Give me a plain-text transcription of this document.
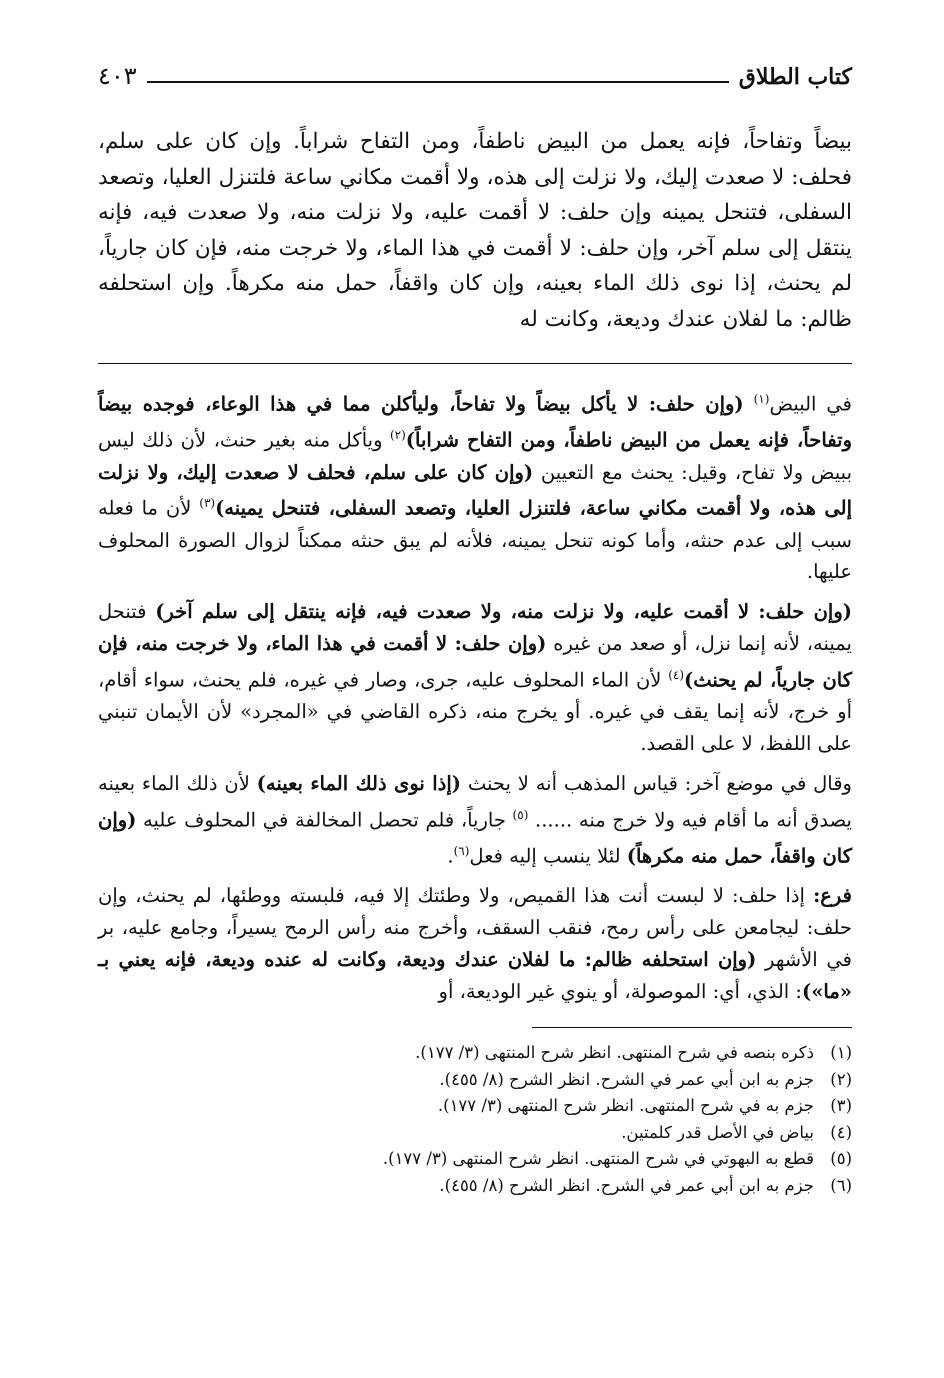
كتاب الطلاق
٤٠٣

بيضاً وتفاحاً، فإنه يعمل من البيض ناطفاً، ومن التفاح شراباً. وإن كان على سلم، فحلف: لا صعدت إليك، ولا نزلت إلى هذه، ولا أقمت مكاني ساعة فلتنزل العليا، وتصعد السفلى، فتنحل يمينه وإن حلف: لا أقمت عليه، ولا نزلت منه، ولا صعدت فيه، فإنه ينتقل إلى سلم آخر، وإن حلف: لا أقمت في هذا الماء، ولا خرجت منه، فإن كان جارياً، لم يحنث، إذا نوى ذلك الماء بعينه، وإن كان واقفاً، حمل منه مكرهاً. وإن استحلفه ظالم: ما لفلان عندك وديعة، وكانت له

في البيض$^{(١)}$ (وإن حلف: لا يأكل بيضاً ولا تفاحاً، وليأكلن مما في هذا الوعاء، فوجده بيضاً وتفاحاً، فإنه يعمل من البيض ناطفاً، ومن التفاح شراباً)$^{(٢)}$ ويأكل منه بغير حنث، لأن ذلك ليس ببيض ولا تفاح، وقيل: يحنث مع التعيين (وإن كان على سلم، فحلف لا صعدت إليك، ولا نزلت إلى هذه، ولا أقمت مكاني ساعة، فلتنزل العليا، وتصعد السفلى، فتنحل يمينه)$^{(٣)}$ لأن ما فعله سبب إلى عدم حنثه، وأما كونه تنحل يمينه، فلأنه لم يبق حنثه ممكناً لزوال الصورة المحلوف عليها.

(وإن حلف: لا أقمت عليه، ولا نزلت منه، ولا صعدت فيه، فإنه ينتقل إلى سلم آخر) فتنحل يمينه، لأنه إنما نزل، أو صعد من غيره (وإن حلف: لا أقمت في هذا الماء، ولا خرجت منه، فإن كان جارياً، لم يحنث)$^{(٤)}$ لأن الماء المحلوف عليه، جرى، وصار في غيره، فلم يحنث، سواء أقام، أو خرج، لأنه إنما يقف في غيره. أو يخرج منه، ذكره القاضي في «المجرد» لأن الأيمان تنبني على اللفظ، لا على القصد.

وقال في موضع آخر: قياس المذهب أنه لا يحنث (إذا نوى ذلك الماء بعينه) لأن ذلك الماء بعينه يصدق أنه ما أقام فيه ولا خرج منه ...... $^{(٥)}$ جارياً، فلم تحصل المخالفة في المحلوف عليه (وإن كان واقفاً، حمل منه مكرهاً) لئلا ينسب إليه فعل$^{(٦)}$.

فرع: إذا حلف: لا لبست أنت هذا القميص، ولا وطئتك إلا فيه، فلبسته ووطئها، لم يحنث، وإن حلف: ليجامعن على رأس رمح، فنقب السقف، وأخرج منه رأس الرمح يسيراً، وجامع عليه، بر في الأشهر (وإن استحلفه ظالم: ما لفلان عندك وديعة، وكانت له عنده وديعة، فإنه يعني بـ «ما»): الذي، أي: الموصولة، أو ينوي غير الوديعة، أو

(١)
ذكره بنصه في شرح المنتهى. انظر شرح المنتهى (٣/ ١٧٧).
(٢)
جزم به ابن أبي عمر في الشرح. انظر الشرح (٨/ ٤٥٥).
(٣)
جزم به في شرح المنتهى. انظر شرح المنتهى (٣/ ١٧٧).
(٤)
بياض في الأصل قدر كلمتين.
(٥)
قطع به البهوتي في شرح المنتهى. انظر شرح المنتهى (٣/ ١٧٧).
(٦)
جزم به ابن أبي عمر في الشرح. انظر الشرح (٨/ ٤٥٥).
